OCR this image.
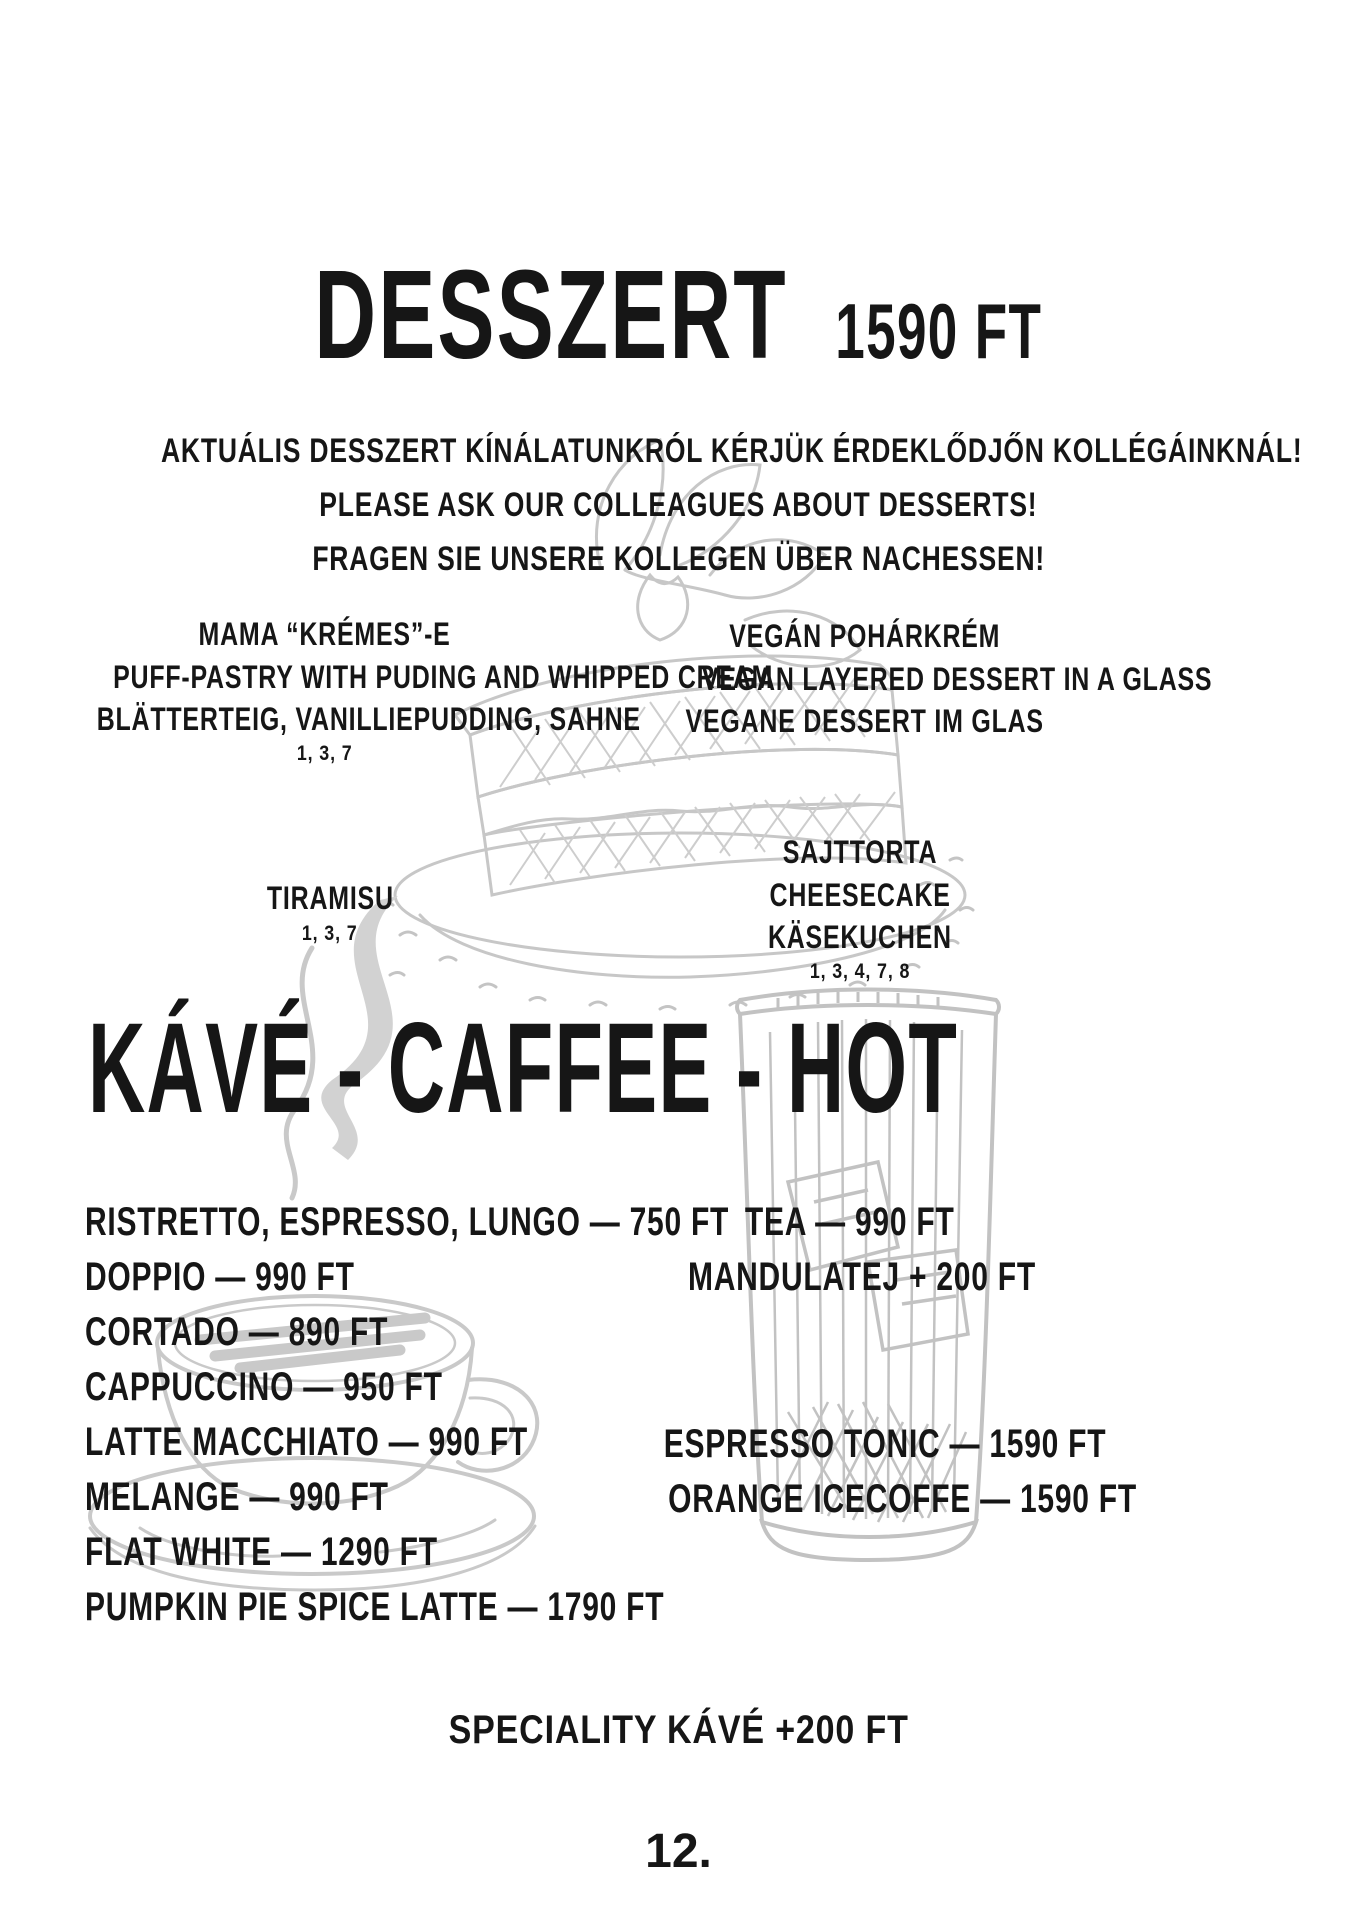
DESSZERT 1590 FT
AKTUÁLIS DESSZERT KÍNÁLATUNKRÓL KÉRJÜK ÉRDEKLŐDJŐN KOLLÉGÁINKNÁL!
PLEASE ASK OUR COLLEAGUES ABOUT DESSERTS!
FRAGEN SIE UNSERE KOLLEGEN ÜBER NACHESSEN!
MAMA “KRÉMES”-E
PUFF-PASTRY WITH PUDING AND WHIPPED CREAM
BLÄTTERTEIG, VANILLIEPUDDING, SAHNE
1, 3, 7
VEGÁN POHÁRKRÉM
VEGAN LAYERED DESSERT IN A GLASS
VEGANE DESSERT IM GLAS
TIRAMISU
1, 3, 7
SAJTTORTA
CHEESECAKE
KÄSEKUCHEN
1, 3, 4, 7, 8
KÁVÉ - CAFFEE - HOT
RISTRETTO, ESPRESSO, LUNGO — 750 FT
DOPPIO — 990 FT
CORTADO — 890 FT
CAPPUCCINO — 950 FT
LATTE MACCHIATO — 990 FT
MELANGE — 990 FT
FLAT WHITE — 1290 FT
PUMPKIN PIE SPICE LATTE — 1790 FT
TEA — 990 FT
MANDULATEJ + 200 FT
ESPRESSO TONIC — 1590 FT
ORANGE ICECOFFE — 1590 FT
SPECIALITY KÁVÉ +200 FT
12.
